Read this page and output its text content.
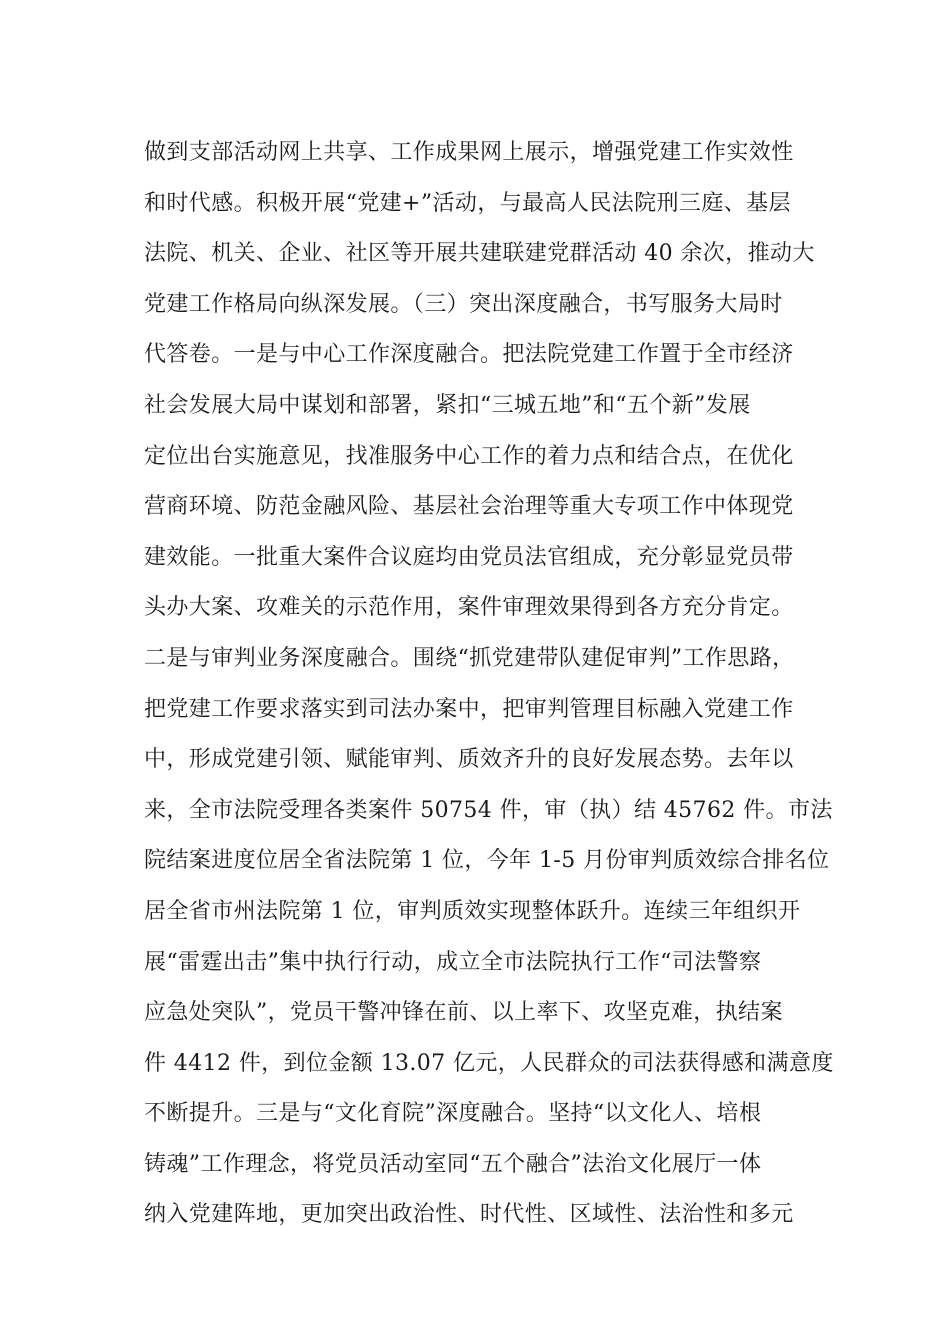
做到支部活动网上共享、工作成果网上展示，增强党建工作实效性
和时代感。积极开展“党建+”活动，与最高人民法院刑三庭、基层
法院、机关、企业、社区等开展共建联建党群活动 40 余次，推动大
党建工作格局向纵深发展。（三）突出深度融合，书写服务大局时
代答卷。一是与中心工作深度融合。把法院党建工作置于全市经济
社会发展大局中谋划和部署，紧扣“三城五地”和“五个新”发展
定位出台实施意见，找准服务中心工作的着力点和结合点，在优化
营商环境、防范金融风险、基层社会治理等重大专项工作中体现党
建效能。一批重大案件合议庭均由党员法官组成，充分彰显党员带
头办大案、攻难关的示范作用，案件审理效果得到各方充分肯定。
二是与审判业务深度融合。围绕“抓党建带队建促审判”工作思路，
把党建工作要求落实到司法办案中，把审判管理目标融入党建工作
中，形成党建引领、赋能审判、质效齐升的良好发展态势。去年以
来，全市法院受理各类案件 50754 件，审（执）结 45762 件。市法
院结案进度位居全省法院第 1 位，今年 1-5 月份审判质效综合排名位
居全省市州法院第 1 位，审判质效实现整体跃升。连续三年组织开
展“雷霆出击”集中执行行动，成立全市法院执行工作“司法警察
应急处突队”，党员干警冲锋在前、以上率下、攻坚克难，执结案
件 4412 件，到位金额 13.07 亿元，人民群众的司法获得感和满意度
不断提升。三是与“文化育院”深度融合。坚持“以文化人、培根
铸魂”工作理念，将党员活动室同“五个融合”法治文化展厅一体
纳入党建阵地，更加突出政治性、时代性、区域性、法治性和多元
